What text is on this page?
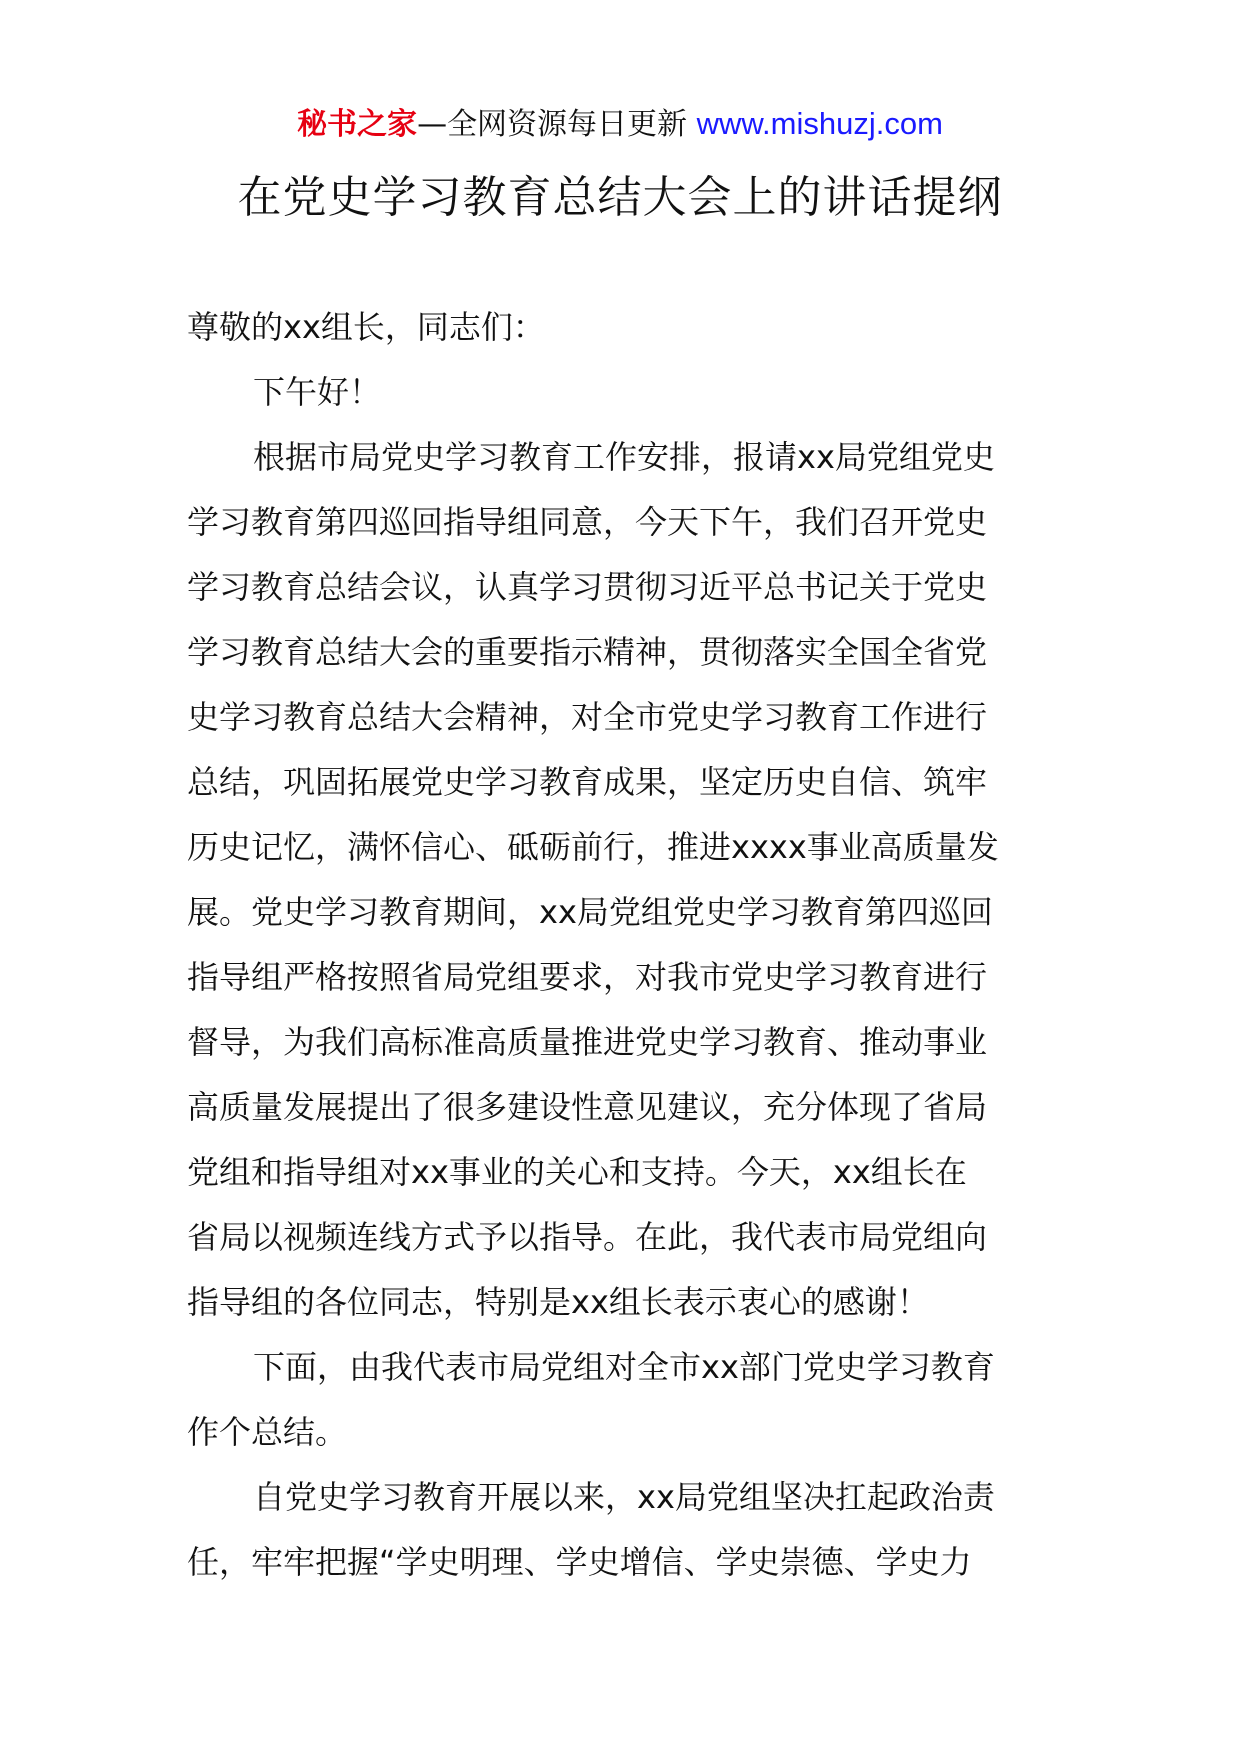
秘书之家—全网资源每日更新 www.mishuzj.com
在党史学习教育总结大会上的讲话提纲
尊敬的xx组长，同志们：
下午好！
根据市局党史学习教育工作安排，报请xx局党组党史
学习教育第四巡回指导组同意，今天下午，我们召开党史
学习教育总结会议，认真学习贯彻习近平总书记关于党史
学习教育总结大会的重要指示精神，贯彻落实全国全省党
史学习教育总结大会精神，对全市党史学习教育工作进行
总结，巩固拓展党史学习教育成果，坚定历史自信、筑牢
历史记忆，满怀信心、砥砺前行，推进xxxx事业高质量发
展。党史学习教育期间，xx局党组党史学习教育第四巡回
指导组严格按照省局党组要求，对我市党史学习教育进行
督导，为我们高标准高质量推进党史学习教育、推动事业
高质量发展提出了很多建设性意见建议，充分体现了省局
党组和指导组对xx事业的关心和支持。今天，xx组长在
省局以视频连线方式予以指导。在此，我代表市局党组向
指导组的各位同志，特别是xx组长表示衷心的感谢！
下面，由我代表市局党组对全市xx部门党史学习教育
作个总结。
自党史学习教育开展以来，xx局党组坚决扛起政治责
任，牢牢把握“学史明理、学史增信、学史崇德、学史力
